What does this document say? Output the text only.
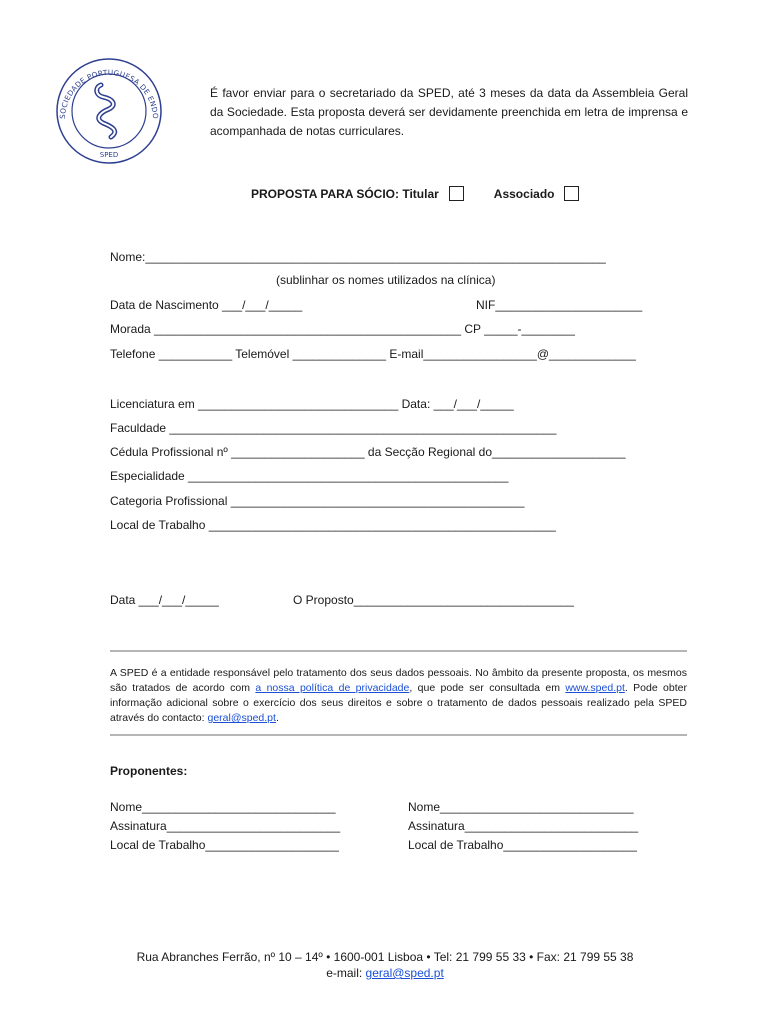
SOCIEDADE PORTUGUESA DE ENDO
SPED
É favor enviar para o secretariado da SPED, até 3 meses da data da Assembleia Geral da Sociedade. Esta proposta deverá ser devidamente preenchida em letra de imprensa e acompanhada de notas curriculares.
PROPOSTA PARA SÓCIO: Titular	Associado
Nome:_____________________________________________________________________
(sublinhar os nomes utilizados na clínica)
Data de Nascimento ___/___/_____	NIF______________________
Morada ______________________________________________ CP _____-________
Telefone ___________ Telemóvel ______________ E-mail_________________@_____________
Licenciatura em ______________________________ Data: ___/___/_____
Faculdade __________________________________________________________
Cédula Profissional nº ____________________ da Secção Regional do____________________
Especialidade ________________________________________________
Categoria Profissional ____________________________________________
Local de Trabalho ____________________________________________________
Data ___/___/_____	O Proposto_________________________________
A SPED é a entidade responsável pelo tratamento dos seus dados pessoais. No âmbito da presente proposta, os mesmos são tratados de acordo com a nossa política de privacidade, que pode ser consultada em www.sped.pt. Pode obter informação adicional sobre o exercício dos seus direitos e sobre o tratamento de dados pessoais realizado pela SPED através do contacto: geral@sped.pt.
Proponentes:
Nome_____________________________
Assinatura__________________________
Local de Trabalho____________________
Nome_____________________________
Assinatura__________________________
Local de Trabalho____________________
Rua Abranches Ferrão, nº 10 – 14º • 1600-001 Lisboa • Tel: 21 799 55 33 • Fax: 21 799 55 38
e-mail: geral@sped.pt
